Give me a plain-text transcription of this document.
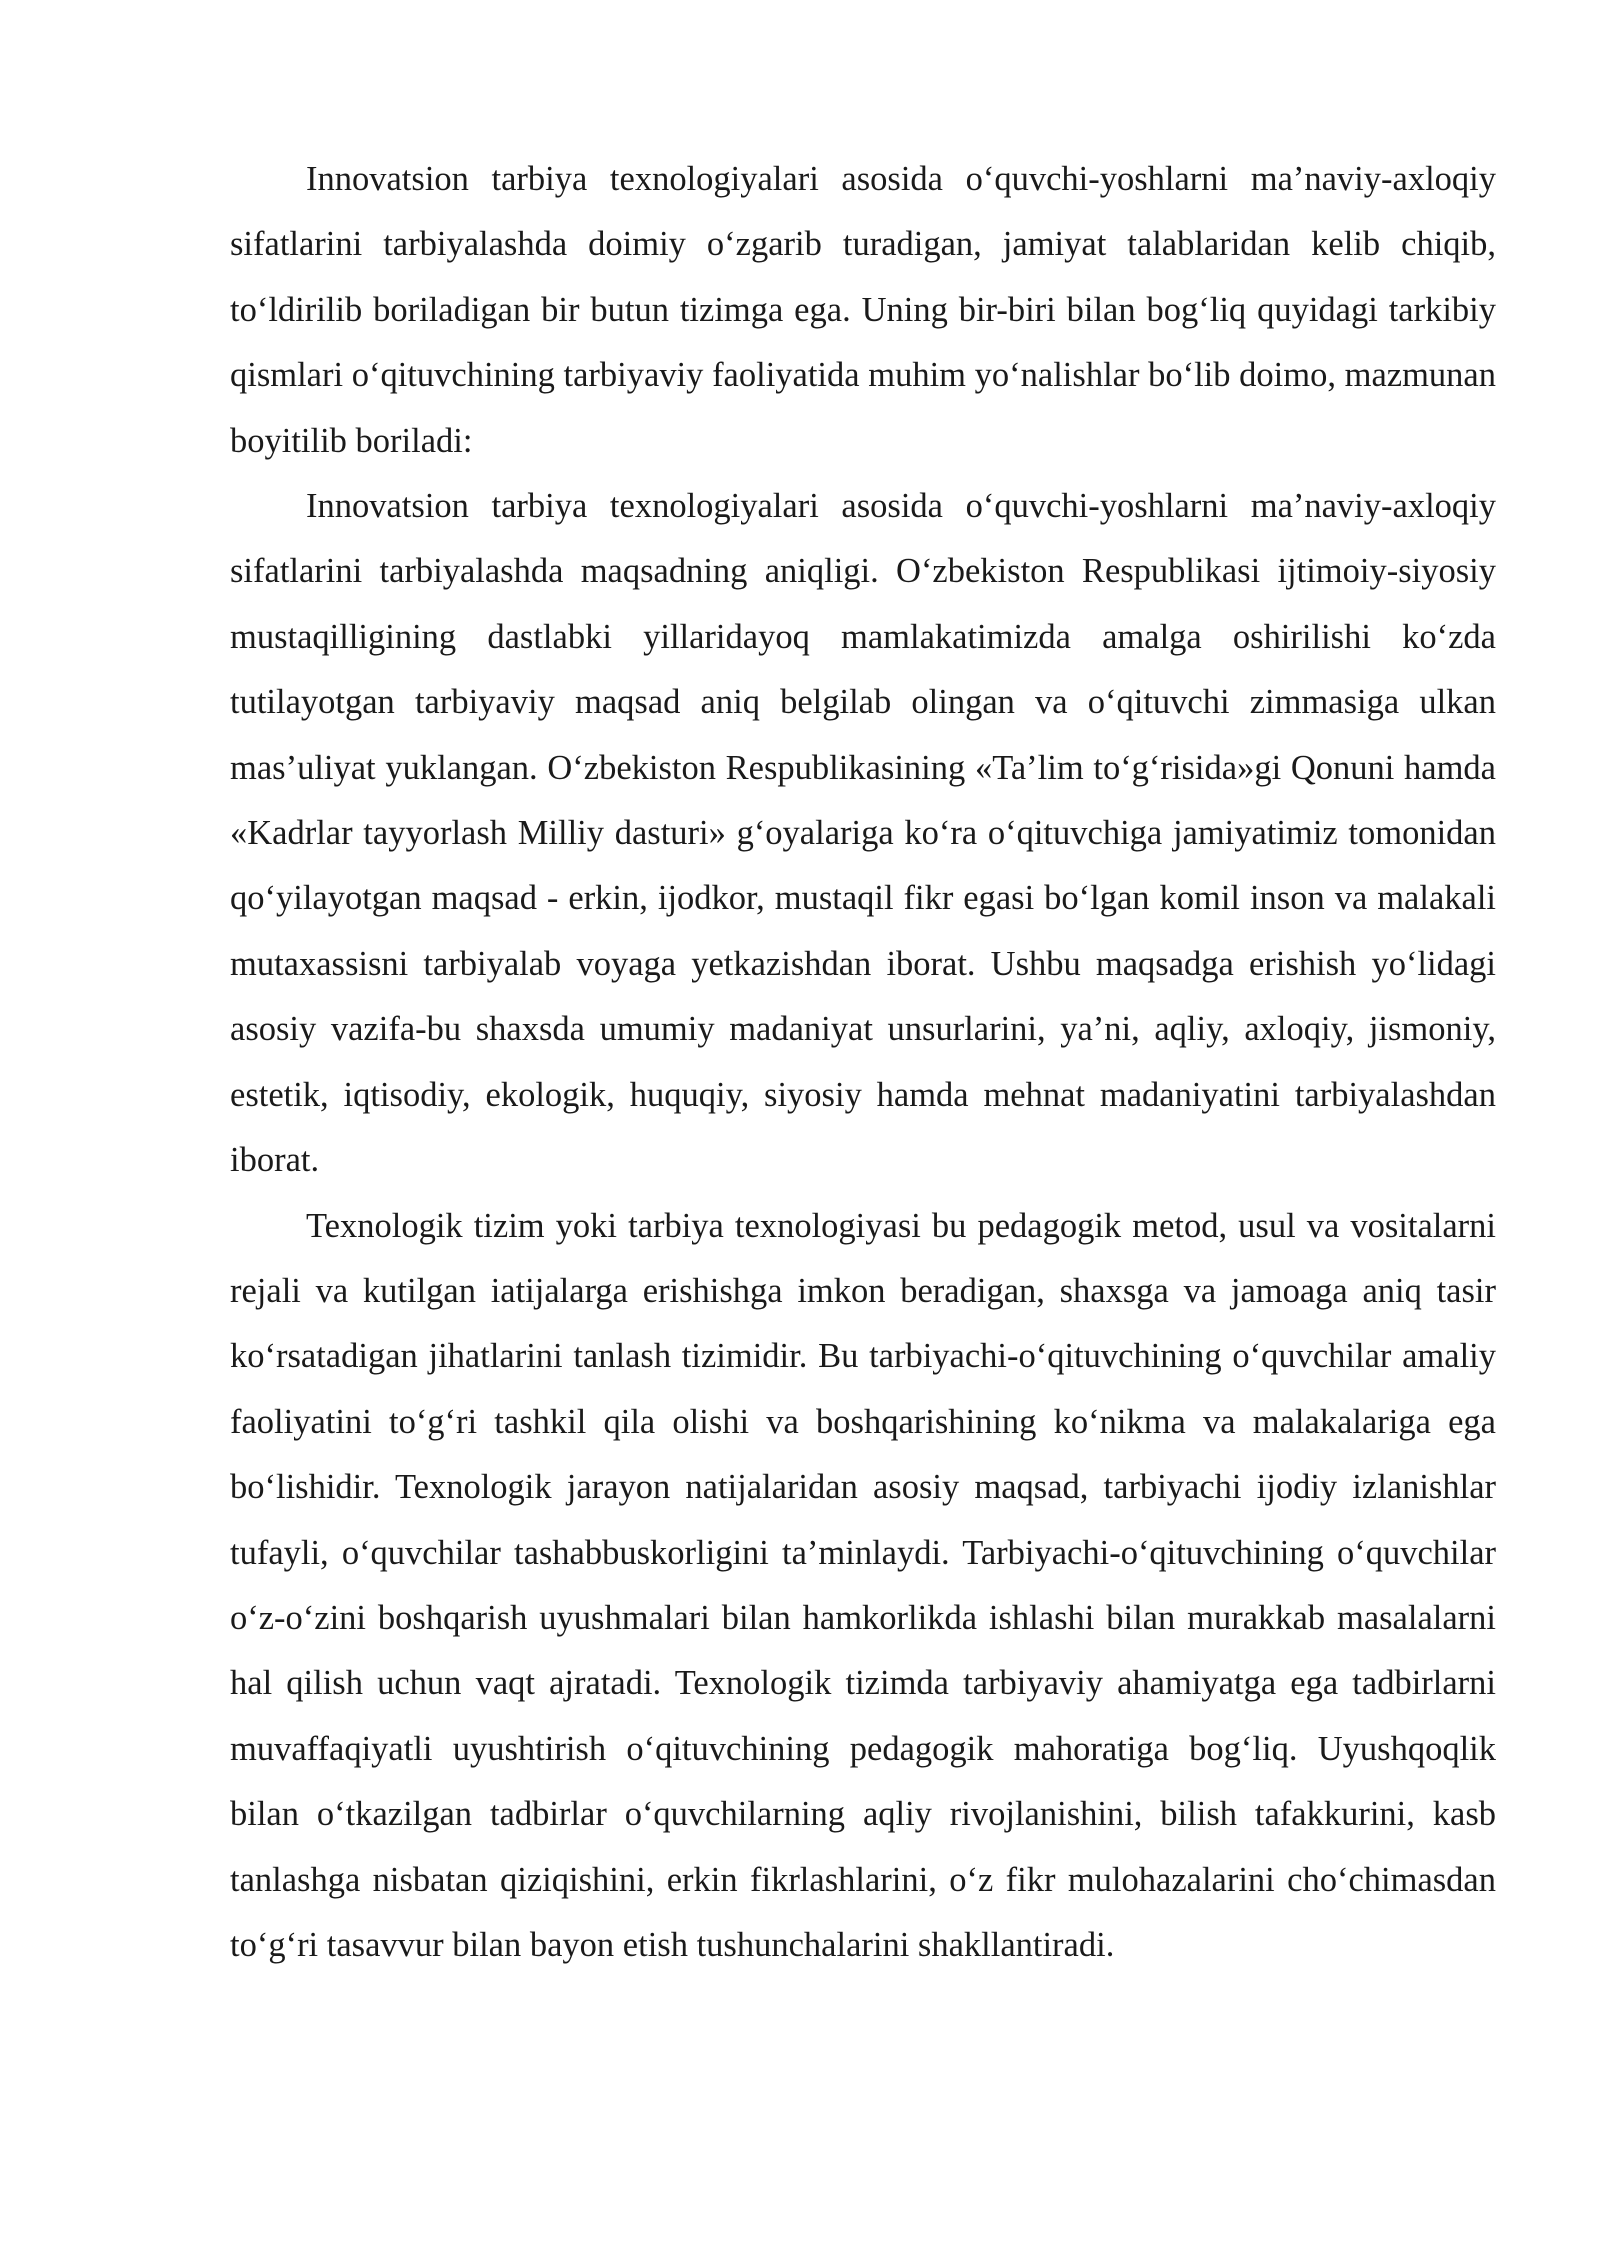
Innovatsion tarbiya texnologiyalari asosida o‘quvchi-yoshlarni ma’naviy-axloqiy sifatlarini tarbiyalashda doimiy o‘zgarib turadigan, jamiyat talablaridan kelib chiqib, to‘ldirilib boriladigan bir butun tizimga ega. Uning bir-biri bilan bog‘liq quyidagi tarkibiy qismlari o‘qituvchining tarbiyaviy faoliyatida muhim yo‘nalishlar bo‘lib doimo, mazmunan boyitilib boriladi:

Innovatsion tarbiya texnologiyalari asosida o‘quvchi-yoshlarni ma’naviy-axloqiy sifatlarini tarbiyalashda maqsadning aniqligi. O‘zbekiston Respublikasi ijtimoiy-siyosiy mustaqilligining dastlabki yillaridayoq mamlakatimizda amalga oshirilishi ko‘zda tutilayotgan tarbiyaviy maqsad aniq belgilab olingan va o‘qituvchi zimmasiga ulkan mas’uliyat yuklangan. O‘zbekiston Respublikasining «Ta’lim to‘g‘risida»gi Qonuni hamda «Kadrlar tayyorlash Milliy dasturi» g‘oyalariga ko‘ra o‘qituvchiga jamiyatimiz tomonidan qo‘yilayotgan maqsad - erkin, ijodkor, mustaqil fikr egasi bo‘lgan komil inson va malakali mutaxassisni tarbiyalab voyaga yetkazishdan iborat. Ushbu maqsadga erishish yo‘lidagi asosiy vazifa-bu shaxsda umumiy madaniyat unsurlarini, ya’ni, aqliy, axloqiy, jismoniy, estetik, iqtisodiy, ekologik, huquqiy, siyosiy hamda mehnat madaniyatini tarbiyalashdan iborat.

Texnologik tizim yoki tarbiya texnologiyasi bu pedagogik metod, usul va vositalarni rejali va kutilgan iatijalarga erishishga imkon beradigan, shaxsga va jamoaga aniq tasir ko‘rsatadigan jihatlarini tanlash tizimidir. Bu tarbiyachi-o‘qituvchining o‘quvchilar amaliy faoliyatini to‘g‘ri tashkil qila olishi va boshqarishining ko‘nikma va malakalariga ega bo‘lishidir. Texnologik jarayon natijalaridan asosiy maqsad, tarbiyachi ijodiy izlanishlar tufayli, o‘quvchilar tashabbuskorligini ta’minlaydi. Tarbiyachi-o‘qituvchining o‘quvchilar o‘z-o‘zini boshqarish uyushmalari bilan hamkorlikda ishlashi bilan murakkab masalalarni hal qilish uchun vaqt ajratadi. Texnologik tizimda tarbiyaviy ahamiyatga ega tadbirlarni muvaffaqiyatli uyushtirish o‘qituvchining pedagogik mahoratiga bog‘liq. Uyushqoqlik bilan o‘tkazilgan tadbirlar o‘quvchilarning aqliy rivojlanishini, bilish tafakkurini, kasb tanlashga nisbatan qiziqishini, erkin fikrlashlarini, o‘z fikr mulohazalarini cho‘chimasdan to‘g‘ri tasavvur bilan bayon etish tushunchalarini shakllantiradi.
